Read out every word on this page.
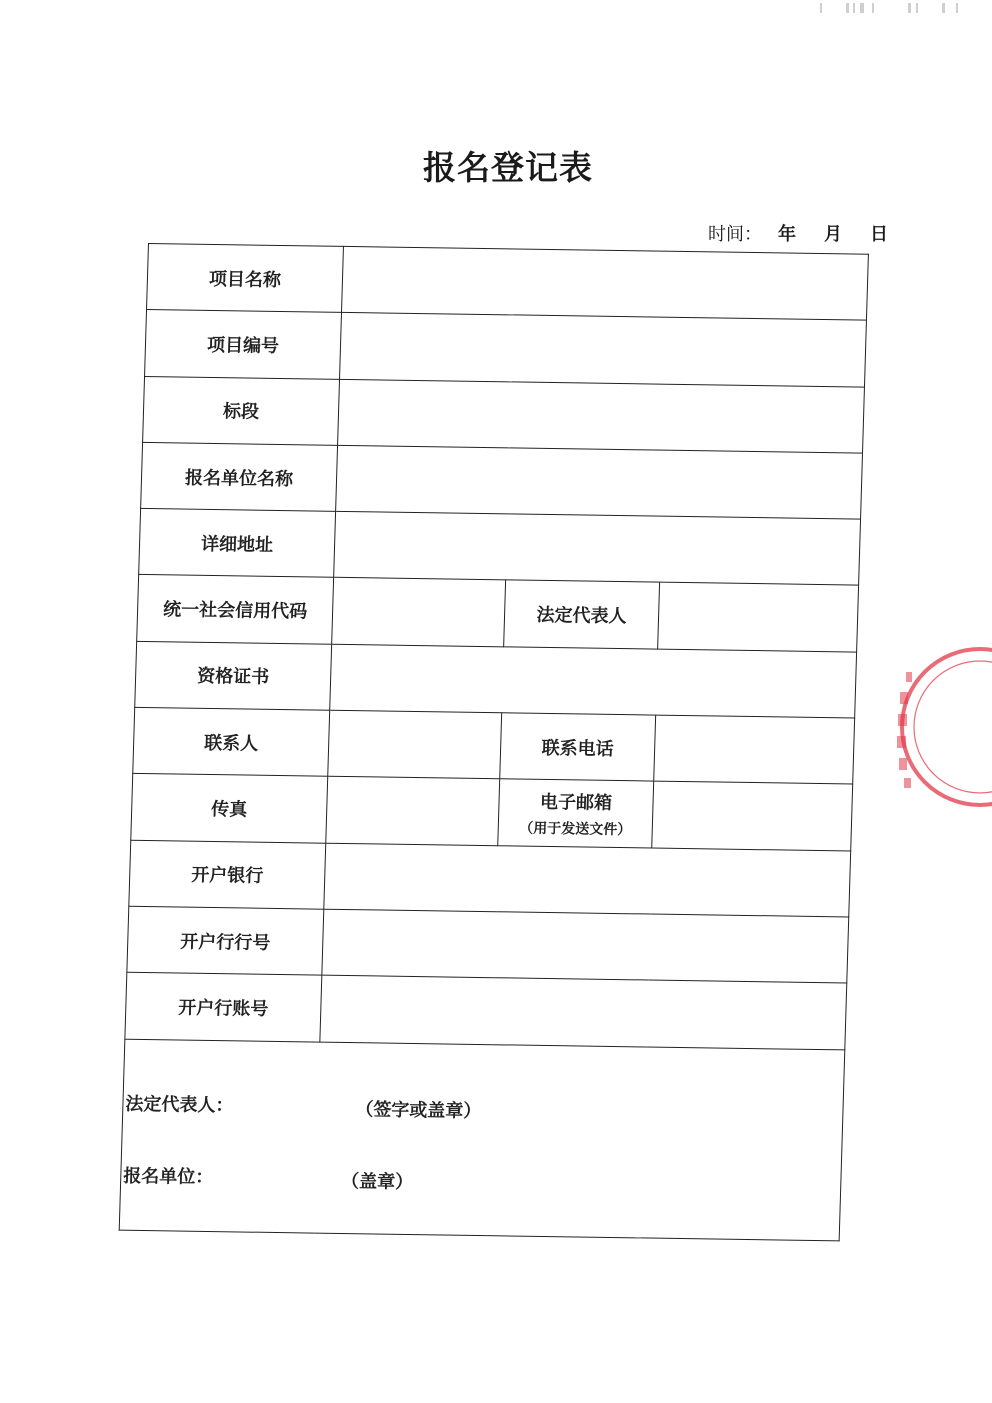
报名登记表
时间： 年 月 日
项目名称			
项目编号			
标段			
报名单位名称			
详细地址			
统一社会信用代码		法定代表人	
资格证书			
联系人		联系电话	
传真		电子邮箱
（用于发送文件）	

开户银行			
开户行行号			
开户行账号			

法定代表人： （签字或盖章）
报名单位： （盖章）			
